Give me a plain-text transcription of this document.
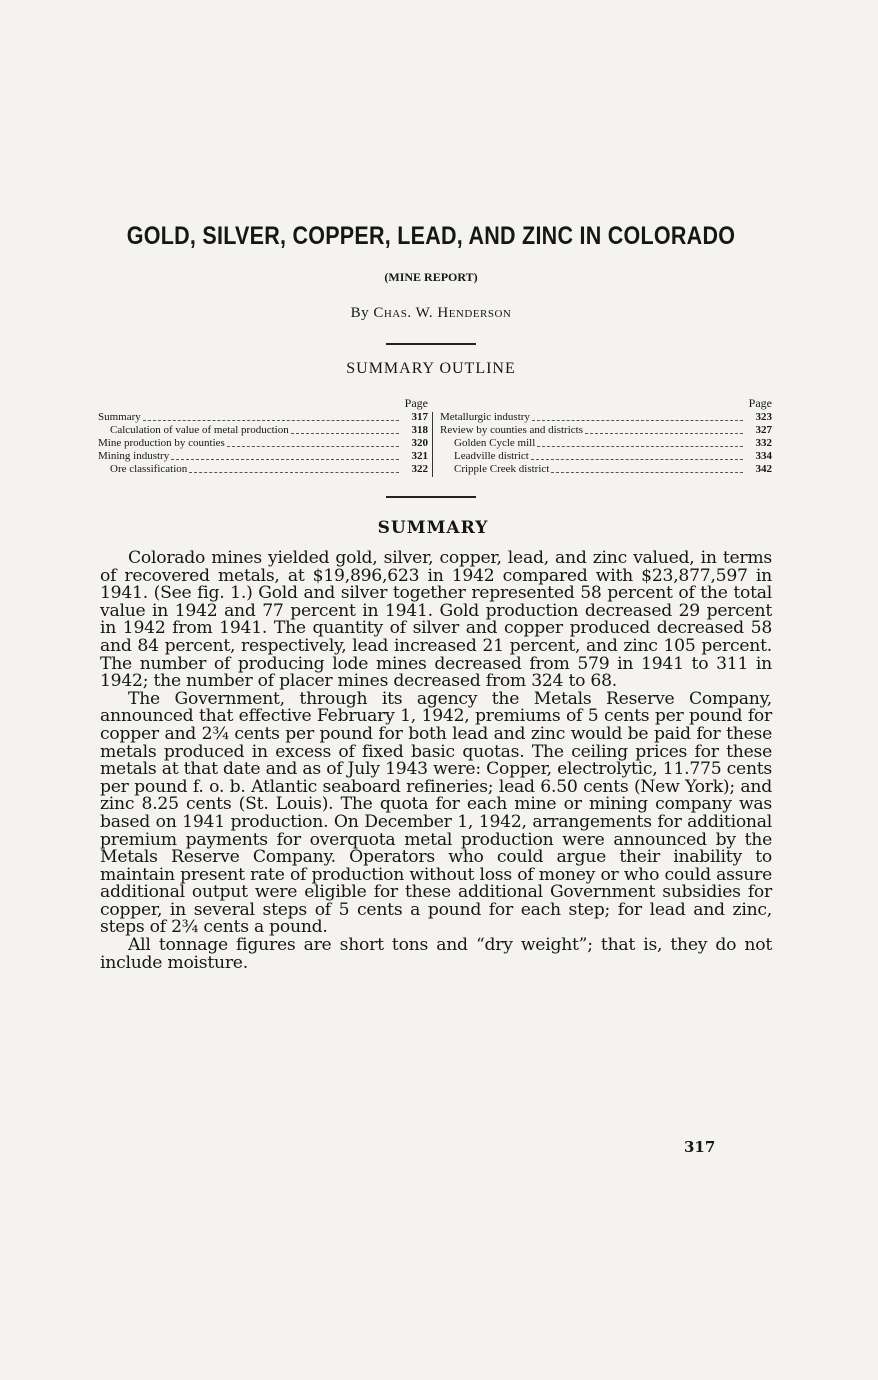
GOLD, SILVER, COPPER, LEAD, AND ZINC IN COLORADO
(MINE REPORT)
By Chas. W. Henderson
SUMMARY OUTLINE
Page
Summary	317
Calculation of value of metal production	318
Mine production by counties	320
Mining industry	321
Ore classification	322
Page
Metallurgic industry	323
Review by counties and districts	327
Golden Cycle mill	332
Leadville district	334
Cripple Creek district	342
SUMMARY

Colorado mines yielded gold, silver, copper, lead, and zinc valued, in terms of recovered metals, at $19,896,623 in 1942 compared with $23,877,597 in 1941. (See fig. 1.) Gold and silver together represented 58 percent of the total value in 1942 and 77 percent in 1941. Gold production decreased 29 percent in 1942 from 1941. The quantity of silver and copper produced decreased 58 and 84 percent, respectively, lead increased 21 percent, and zinc 105 percent. The number of producing lode mines decreased from 579 in 1941 to 311 in 1942; the number of placer mines decreased from 324 to 68.

The Government, through its agency the Metals Reserve Company, announced that effective February 1, 1942, premiums of 5 cents per pound for copper and 2¾ cents per pound for both lead and zinc would be paid for these metals produced in excess of fixed basic quotas. The ceiling prices for these metals at that date and as of July 1943 were: Copper, electrolytic, 11.775 cents per pound f. o. b. Atlantic seaboard refineries; lead 6.50 cents (New York); and zinc 8.25 cents (St. Louis). The quota for each mine or mining company was based on 1941 production. On December 1, 1942, arrangements for additional premium payments for overquota metal production were announced by the Metals Reserve Company. Operators who could argue their inability to maintain present rate of production without loss of money or who could assure additional output were eligible for these additional Government subsidies for copper, in several steps of 5 cents a pound for each step; for lead and zinc, steps of 2¾ cents a pound.

All tonnage figures are short tons and “dry weight”; that is, they do not include moisture.

317
